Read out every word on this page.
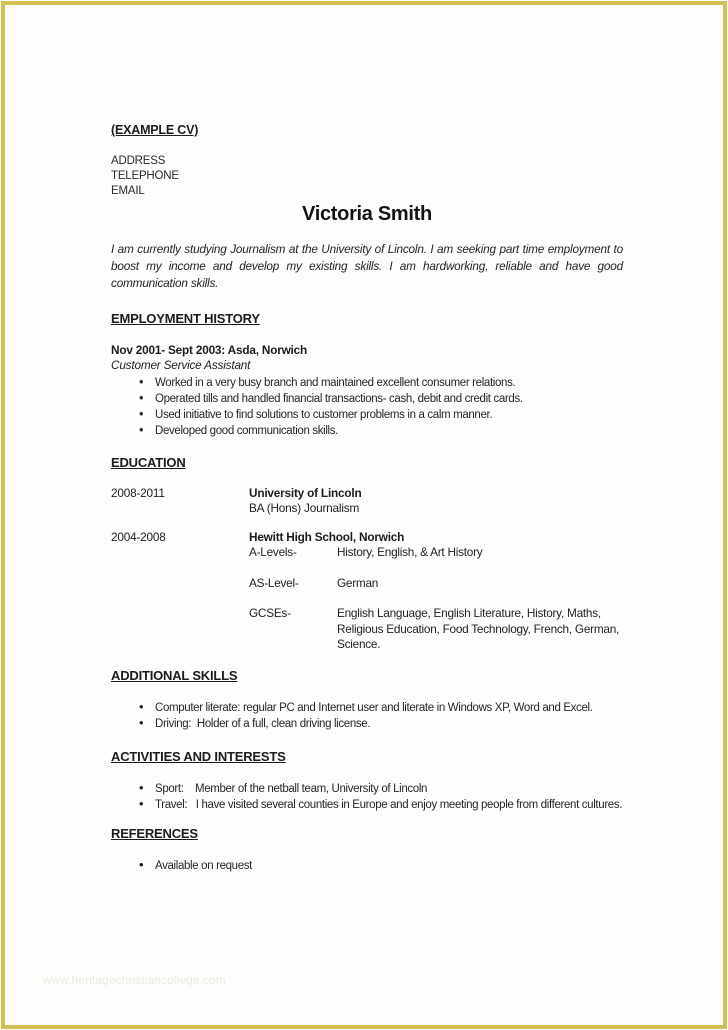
(EXAMPLE CV)
ADDRESS
TELEPHONE
EMAIL
Victoria Smith
I am currently studying Journalism at the University of Lincoln. I am seeking part time employment to boost my income and develop my existing skills. I am hardworking, reliable and have good communication skills.
EMPLOYMENT HISTORY
Nov 2001- Sept 2003: Asda, Norwich
Customer Service Assistant
• Worked in a very busy branch and maintained excellent consumer relations.
• Operated tills and handled financial transactions- cash, debit and credit cards.
• Used initiative to find solutions to customer problems in a calm manner.
• Developed good communication skills.
EDUCATION
2008-2011	University of Lincoln
BA (Hons) Journalism
2004-2008	Hewitt High School, Norwich
A-Levels-	History, English, & Art History
AS-Level-	German
GCSEs-	English Language, English Literature, History, Maths, Religious Education, Food Technology, French, German, Science.
ADDITIONAL SKILLS
• Computer literate: regular PC and Internet user and literate in Windows XP, Word and Excel.
• Driving:  Holder of a full, clean driving license.
ACTIVITIES AND INTERESTS
• Sport:    Member of the netball team, University of Lincoln
• Travel:   I have visited several counties in Europe and enjoy meeting people from different cultures.
REFERENCES
• Available on request
www.heritagechristiancollege.com
